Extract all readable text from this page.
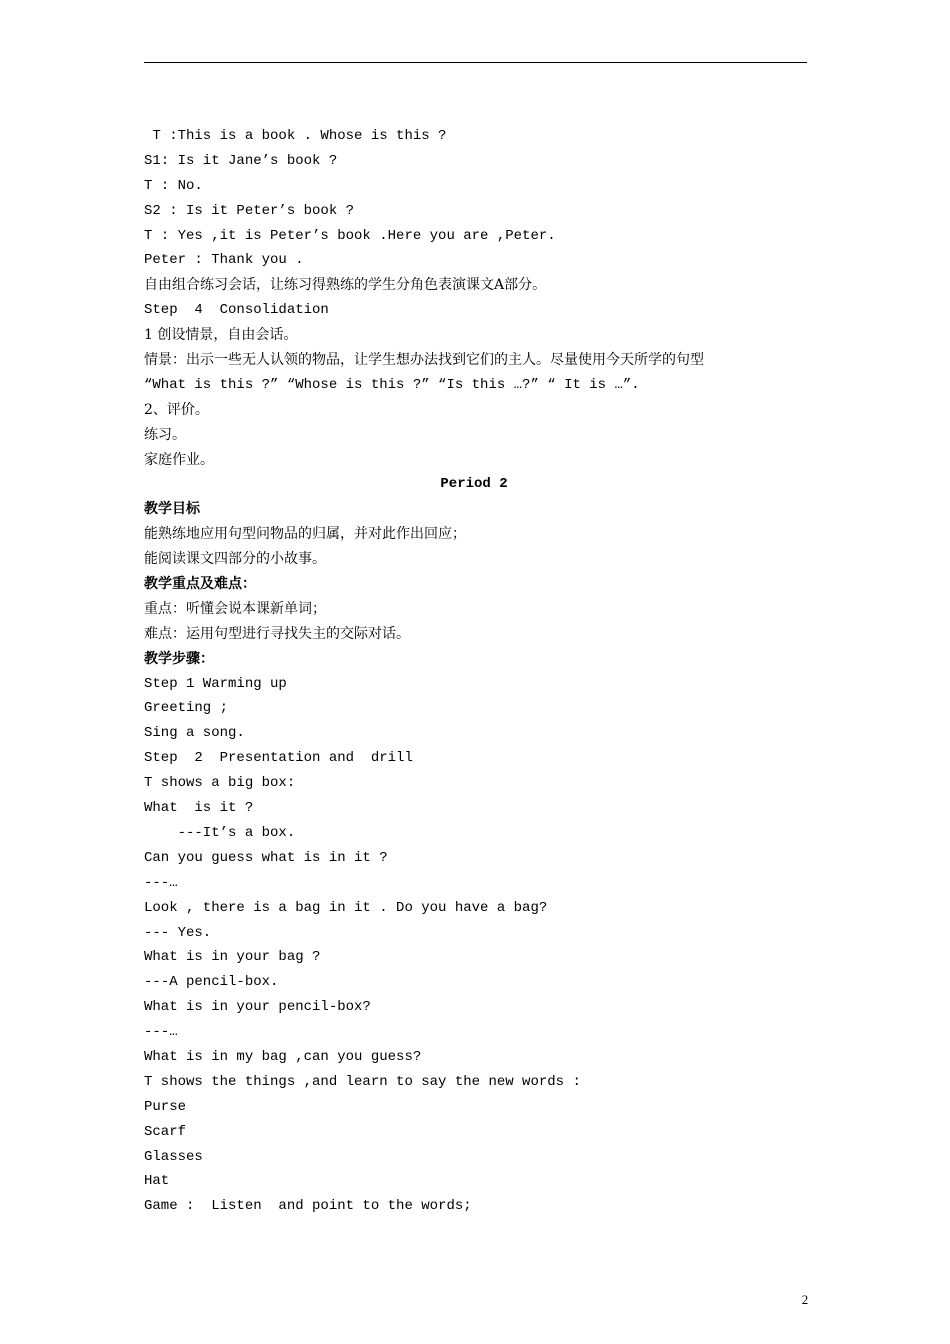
T :This is a book . Whose is this ?
S1: Is it Jane’s book ?
T : No.
S2 : Is it Peter’s book ?
T : Yes ,it is Peter’s book .Here you are ,Peter.
Peter : Thank you .
自由组合练习会话，让练习得熟练的学生分角色表演课文A部分。
Step  4  Consolidation
1 创设情景，自由会话。
情景：出示一些无人认领的物品，让学生想办法找到它们的主人。尽量使用今天所学的句型
“What is this ?” “Whose is this ?” “Is this …?” “ It is …”.
2、评价。
练习。
家庭作业。
Period 2
教学目标
能熟练地应用句型问物品的归属，并对此作出回应；
能阅读课文四部分的小故事。
教学重点及难点：
重点：听懂会说本课新单词；
难点：运用句型进行寻找失主的交际对话。
教学步骤：
Step 1 Warming up
Greeting ;
Sing a song.
Step  2  Presentation and  drill
T shows a big box:
What  is it ?
---It’s a box.
Can you guess what is in it ?
---…
Look , there is a bag in it . Do you have a bag?
--- Yes.
What is in your bag ?
---A pencil-box.
What is in your pencil-box?
---…
What is in my bag ,can you guess?
T shows the things ,and learn to say the new words :
Purse
Scarf
Glasses
Hat
Game :  Listen  and point to the words;
2
